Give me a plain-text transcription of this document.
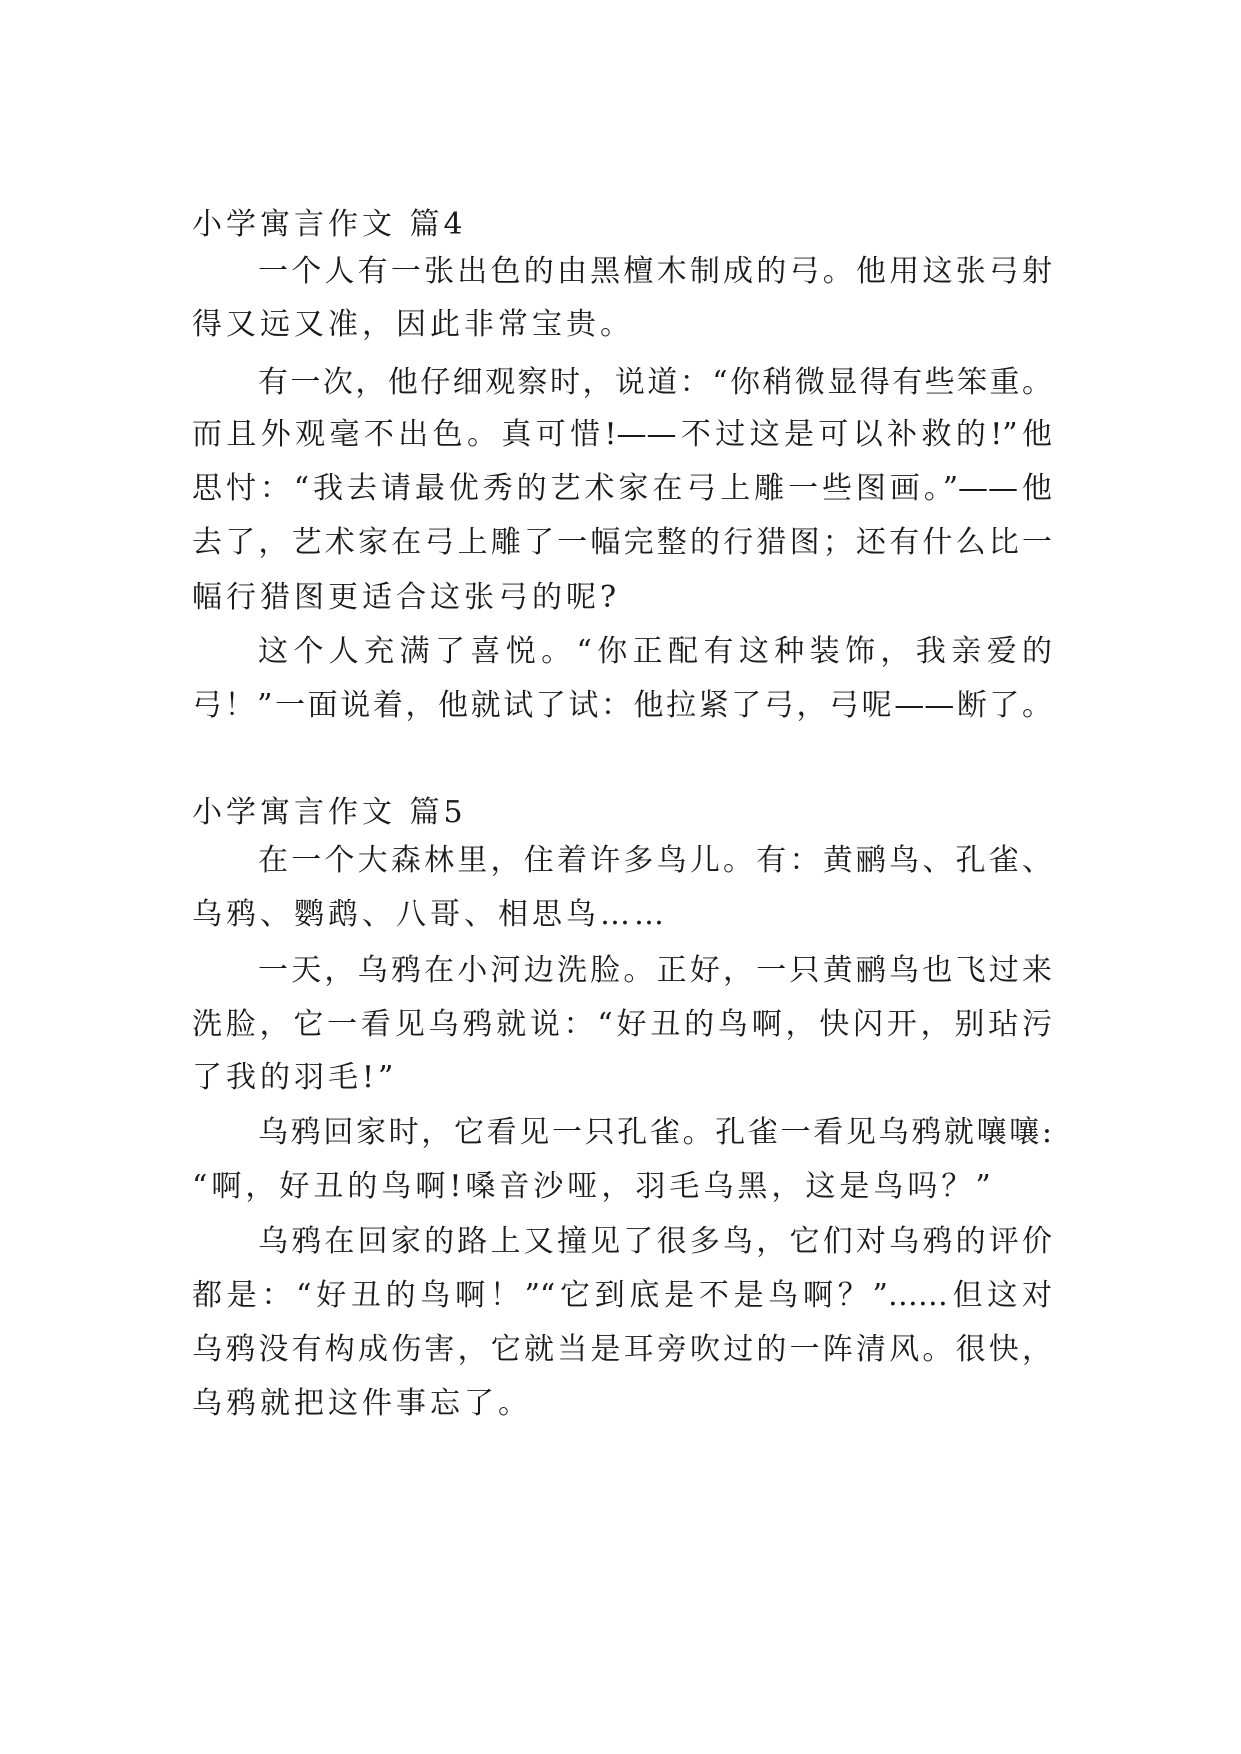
小学寓言作文 篇4
一个人有一张出色的由黑檀木制成的弓。他用这张弓射
得又远又准，因此非常宝贵。
有一次，他仔细观察时，说道：“你稍微显得有些笨重。
而且外观毫不出色。真可惜!——不过这是可以补救的!”他
思忖：“我去请最优秀的艺术家在弓上雕一些图画。”——他
去了，艺术家在弓上雕了一幅完整的行猎图；还有什么比一
幅行猎图更适合这张弓的呢?
这个人充满了喜悦。“你正配有这种装饰，我亲爱的
弓！”一面说着，他就试了试：他拉紧了弓，弓呢——断了。
小学寓言作文 篇5
在一个大森林里，住着许多鸟儿。有：黄鹂鸟、孔雀、
乌鸦、鹦鹉、八哥、相思鸟……
一天，乌鸦在小河边洗脸。正好，一只黄鹂鸟也飞过来
洗脸，它一看见乌鸦就说：“好丑的鸟啊，快闪开，别玷污
了我的羽毛!”
乌鸦回家时，它看见一只孔雀。孔雀一看见乌鸦就嚷嚷:
“啊，好丑的鸟啊!嗓音沙哑，羽毛乌黑，这是鸟吗？”
乌鸦在回家的路上又撞见了很多鸟，它们对乌鸦的评价
都是：“好丑的鸟啊！”“它到底是不是鸟啊？”……但这对
乌鸦没有构成伤害，它就当是耳旁吹过的一阵清风。很快，
乌鸦就把这件事忘了。
